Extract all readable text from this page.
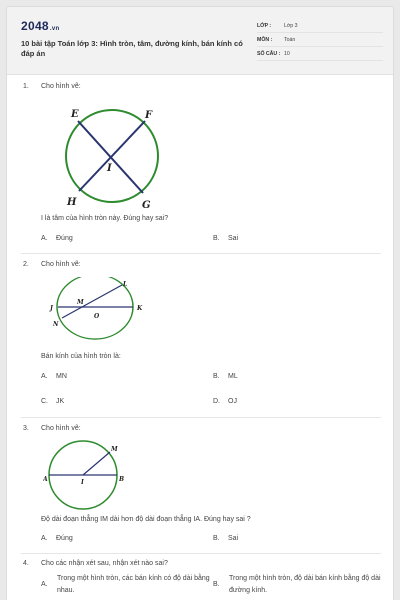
2048.vn
10 bài tập Toán lớp 3: Hình tròn, tâm, đường kính, bán kính có đáp án
LỚP : Lớp 3
MÔN : Toán
SỐ CÂU : 10
1. Cho hình vẽ:
E	F
I
H	G
I là tâm của hình tròn này. Đúng hay sai?
A. Đúng	B. Sai
2. Cho hình vẽ:
L
M
J
O
K
N
Bán kính của hình tròn là:
A. MN	B. ML
C. JK	D. OJ
3. Cho hình vẽ:
M
A	I	B
Độ dài đoạn thẳng IM dài hơn độ dài đoạn thẳng IA. Đúng hay sai ?
A. Đúng	B. Sai
4. Cho các nhận xét sau, nhận xét nào sai?
A.
Trong một hình tròn, các bán kính có độ dài bằng nhau.
B.
Trong một hình tròn, độ dài bán kính bằng độ dài đường kính.
